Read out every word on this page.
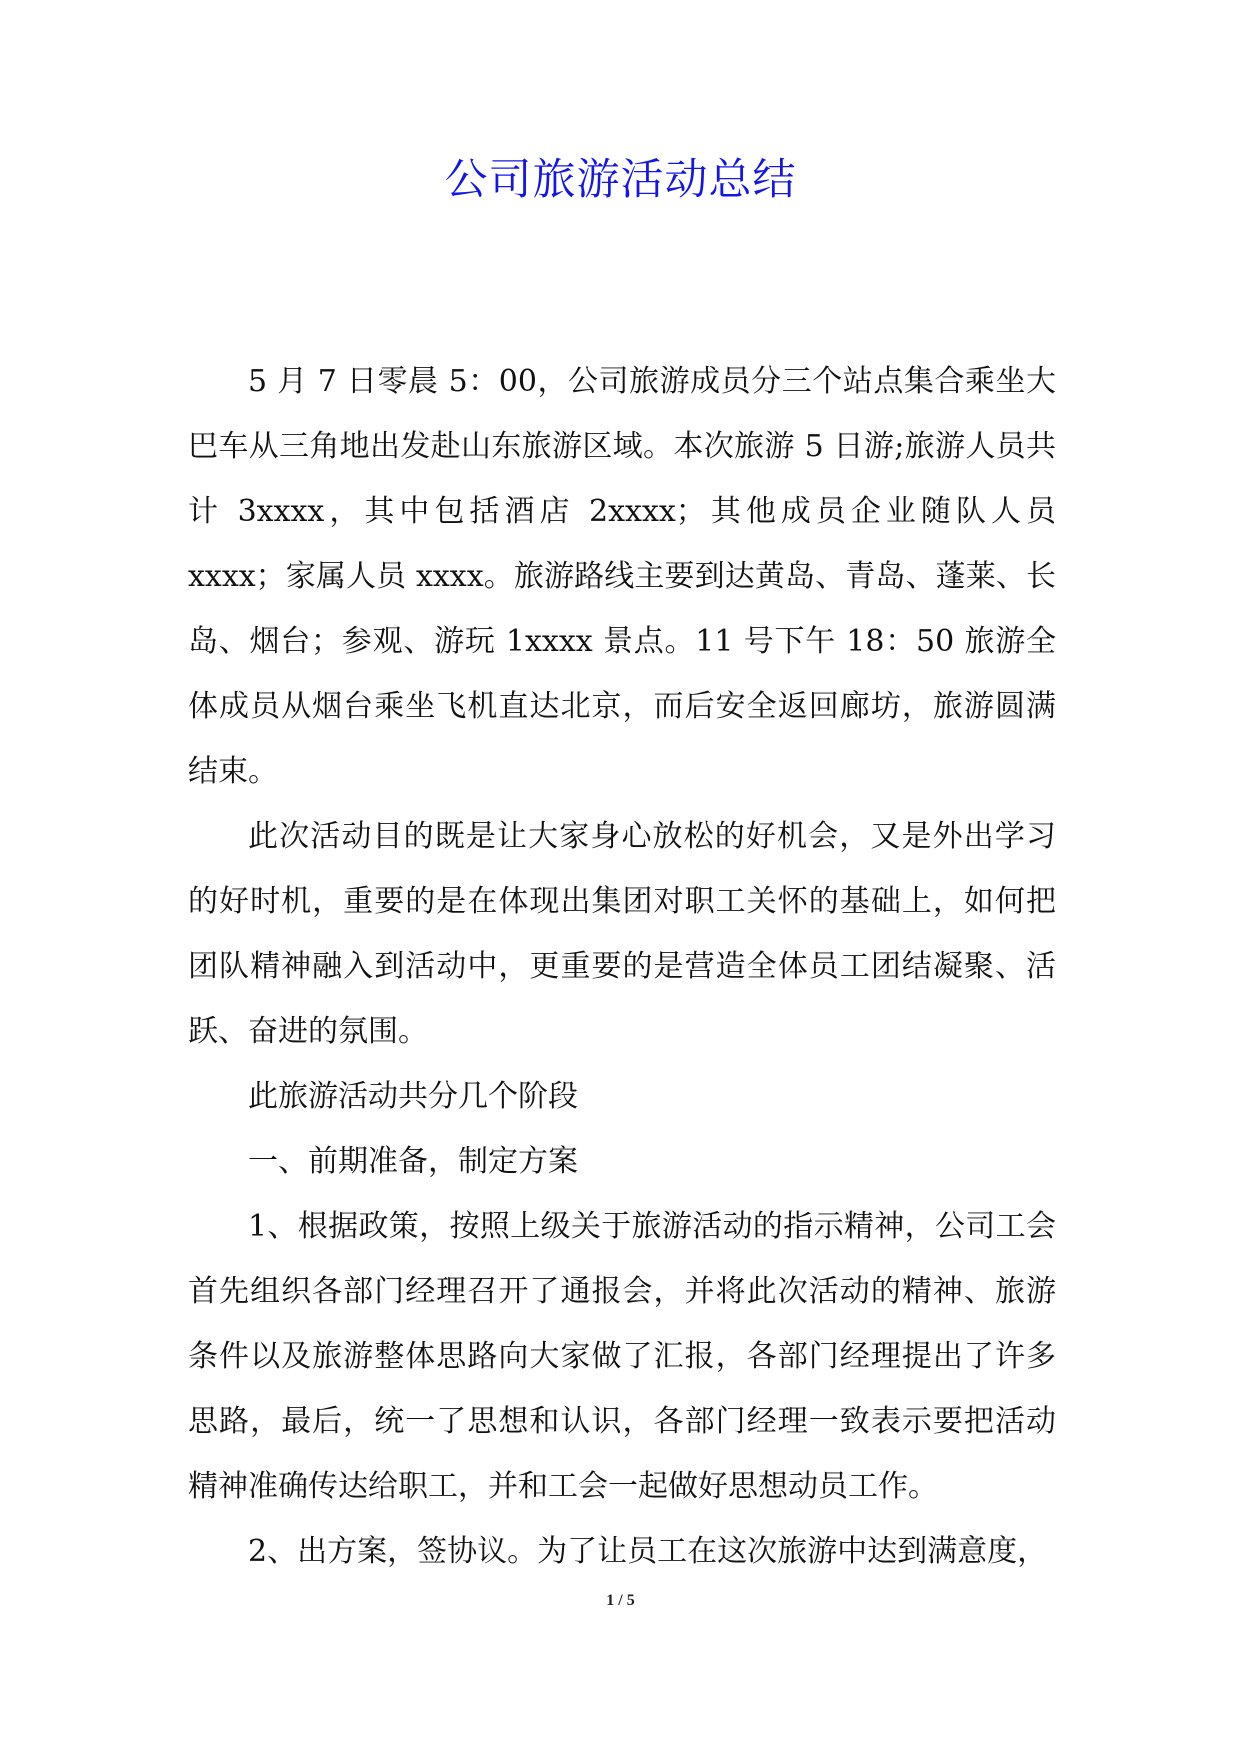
公司旅游活动总结

5 月 7 日零晨 5：00，公司旅游成员分三个站点集合乘坐大巴车从三角地出发赴山东旅游区域。本次旅游 5 日游;旅游人员共计 3xxxx，其中包括酒店 2xxxx；其他成员企业随队人员 xxxx；家属人员 xxxx。旅游路线主要到达黄岛、青岛、蓬莱、长岛、烟台；参观、游玩 1xxxx 景点。11 号下午 18：50 旅游全体成员从烟台乘坐飞机直达北京，而后安全返回廊坊，旅游圆满结束。

此次活动目的既是让大家身心放松的好机会，又是外出学习的好时机，重要的是在体现出集团对职工关怀的基础上，如何把团队精神融入到活动中，更重要的是营造全体员工团结凝聚、活跃、奋进的氛围。

此旅游活动共分几个阶段

一、前期准备，制定方案

1、根据政策，按照上级关于旅游活动的指示精神，公司工会首先组织各部门经理召开了通报会，并将此次活动的精神、旅游条件以及旅游整体思路向大家做了汇报，各部门经理提出了许多思路，最后，统一了思想和认识，各部门经理一致表示要把活动精神准确传达给职工，并和工会一起做好思想动员工作。

2、出方案，签协议。为了让员工在这次旅游中达到满意度，

1 / 5
